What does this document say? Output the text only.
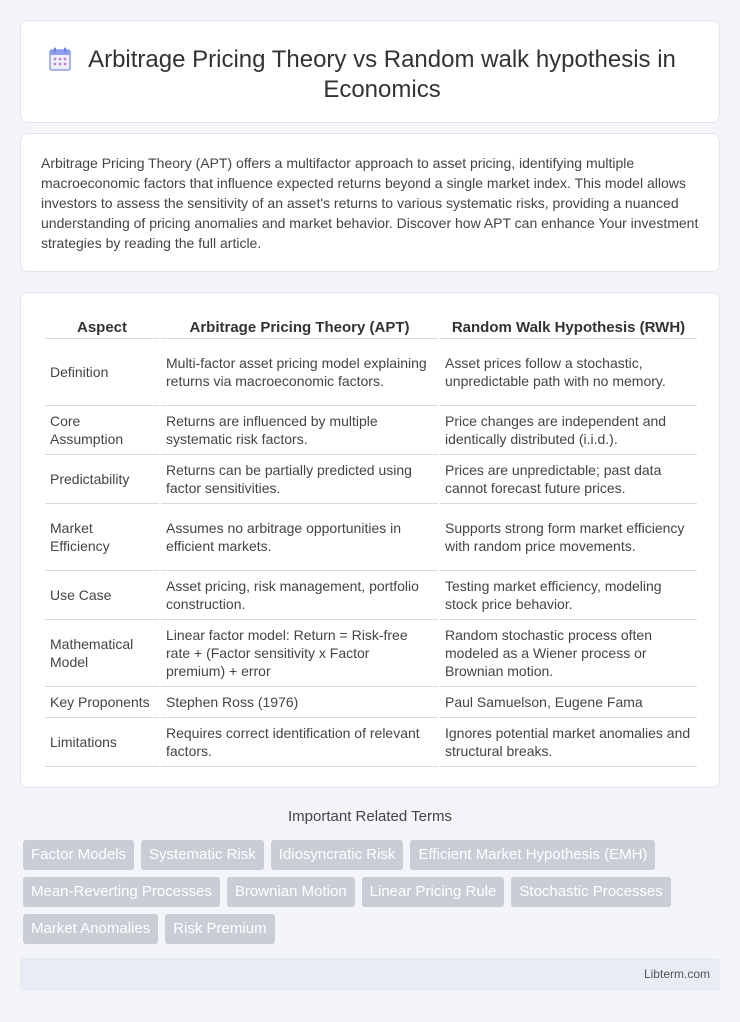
Arbitrage Pricing Theory vs Random walk hypothesis in Economics

Arbitrage Pricing Theory (APT) offers a multifactor approach to asset pricing, identifying multiple macroeconomic factors that influence expected returns beyond a single market index. This model allows investors to assess the sensitivity of an asset's returns to various systematic risks, providing a nuanced understanding of pricing anomalies and market behavior. Discover how APT can enhance Your investment strategies by reading the full article.

Aspect	Arbitrage Pricing Theory (APT)	Random Walk Hypothesis (RWH)
Definition	Multi-factor asset pricing model explaining returns via macroeconomic factors.	Asset prices follow a stochastic, unpredictable path with no memory.
Core Assumption	Returns are influenced by multiple systematic risk factors.	Price changes are independent and identically distributed (i.i.d.).
Predictability	Returns can be partially predicted using factor sensitivities.	Prices are unpredictable; past data cannot forecast future prices.
Market Efficiency	Assumes no arbitrage opportunities in efficient markets.	Supports strong form market efficiency with random price movements.
Use Case	Asset pricing, risk management, portfolio construction.	Testing market efficiency, modeling stock price behavior.
Mathematical Model	Linear factor model: Return = Risk-free rate + (Factor sensitivity x Factor premium) + error	Random stochastic process often modeled as a Wiener process or Brownian motion.
Key Proponents	Stephen Ross (1976)	Paul Samuelson, Eugene Fama
Limitations	Requires correct identification of relevant factors.	Ignores potential market anomalies and structural breaks.
Important Related Terms
Factor Models	Systematic Risk	Idiosyncratic Risk	Efficient Market Hypothesis (EMH)
Mean-Reverting Processes	Brownian Motion	Linear Pricing Rule	Stochastic Processes
Market Anomalies	Risk Premium
Libterm.com
